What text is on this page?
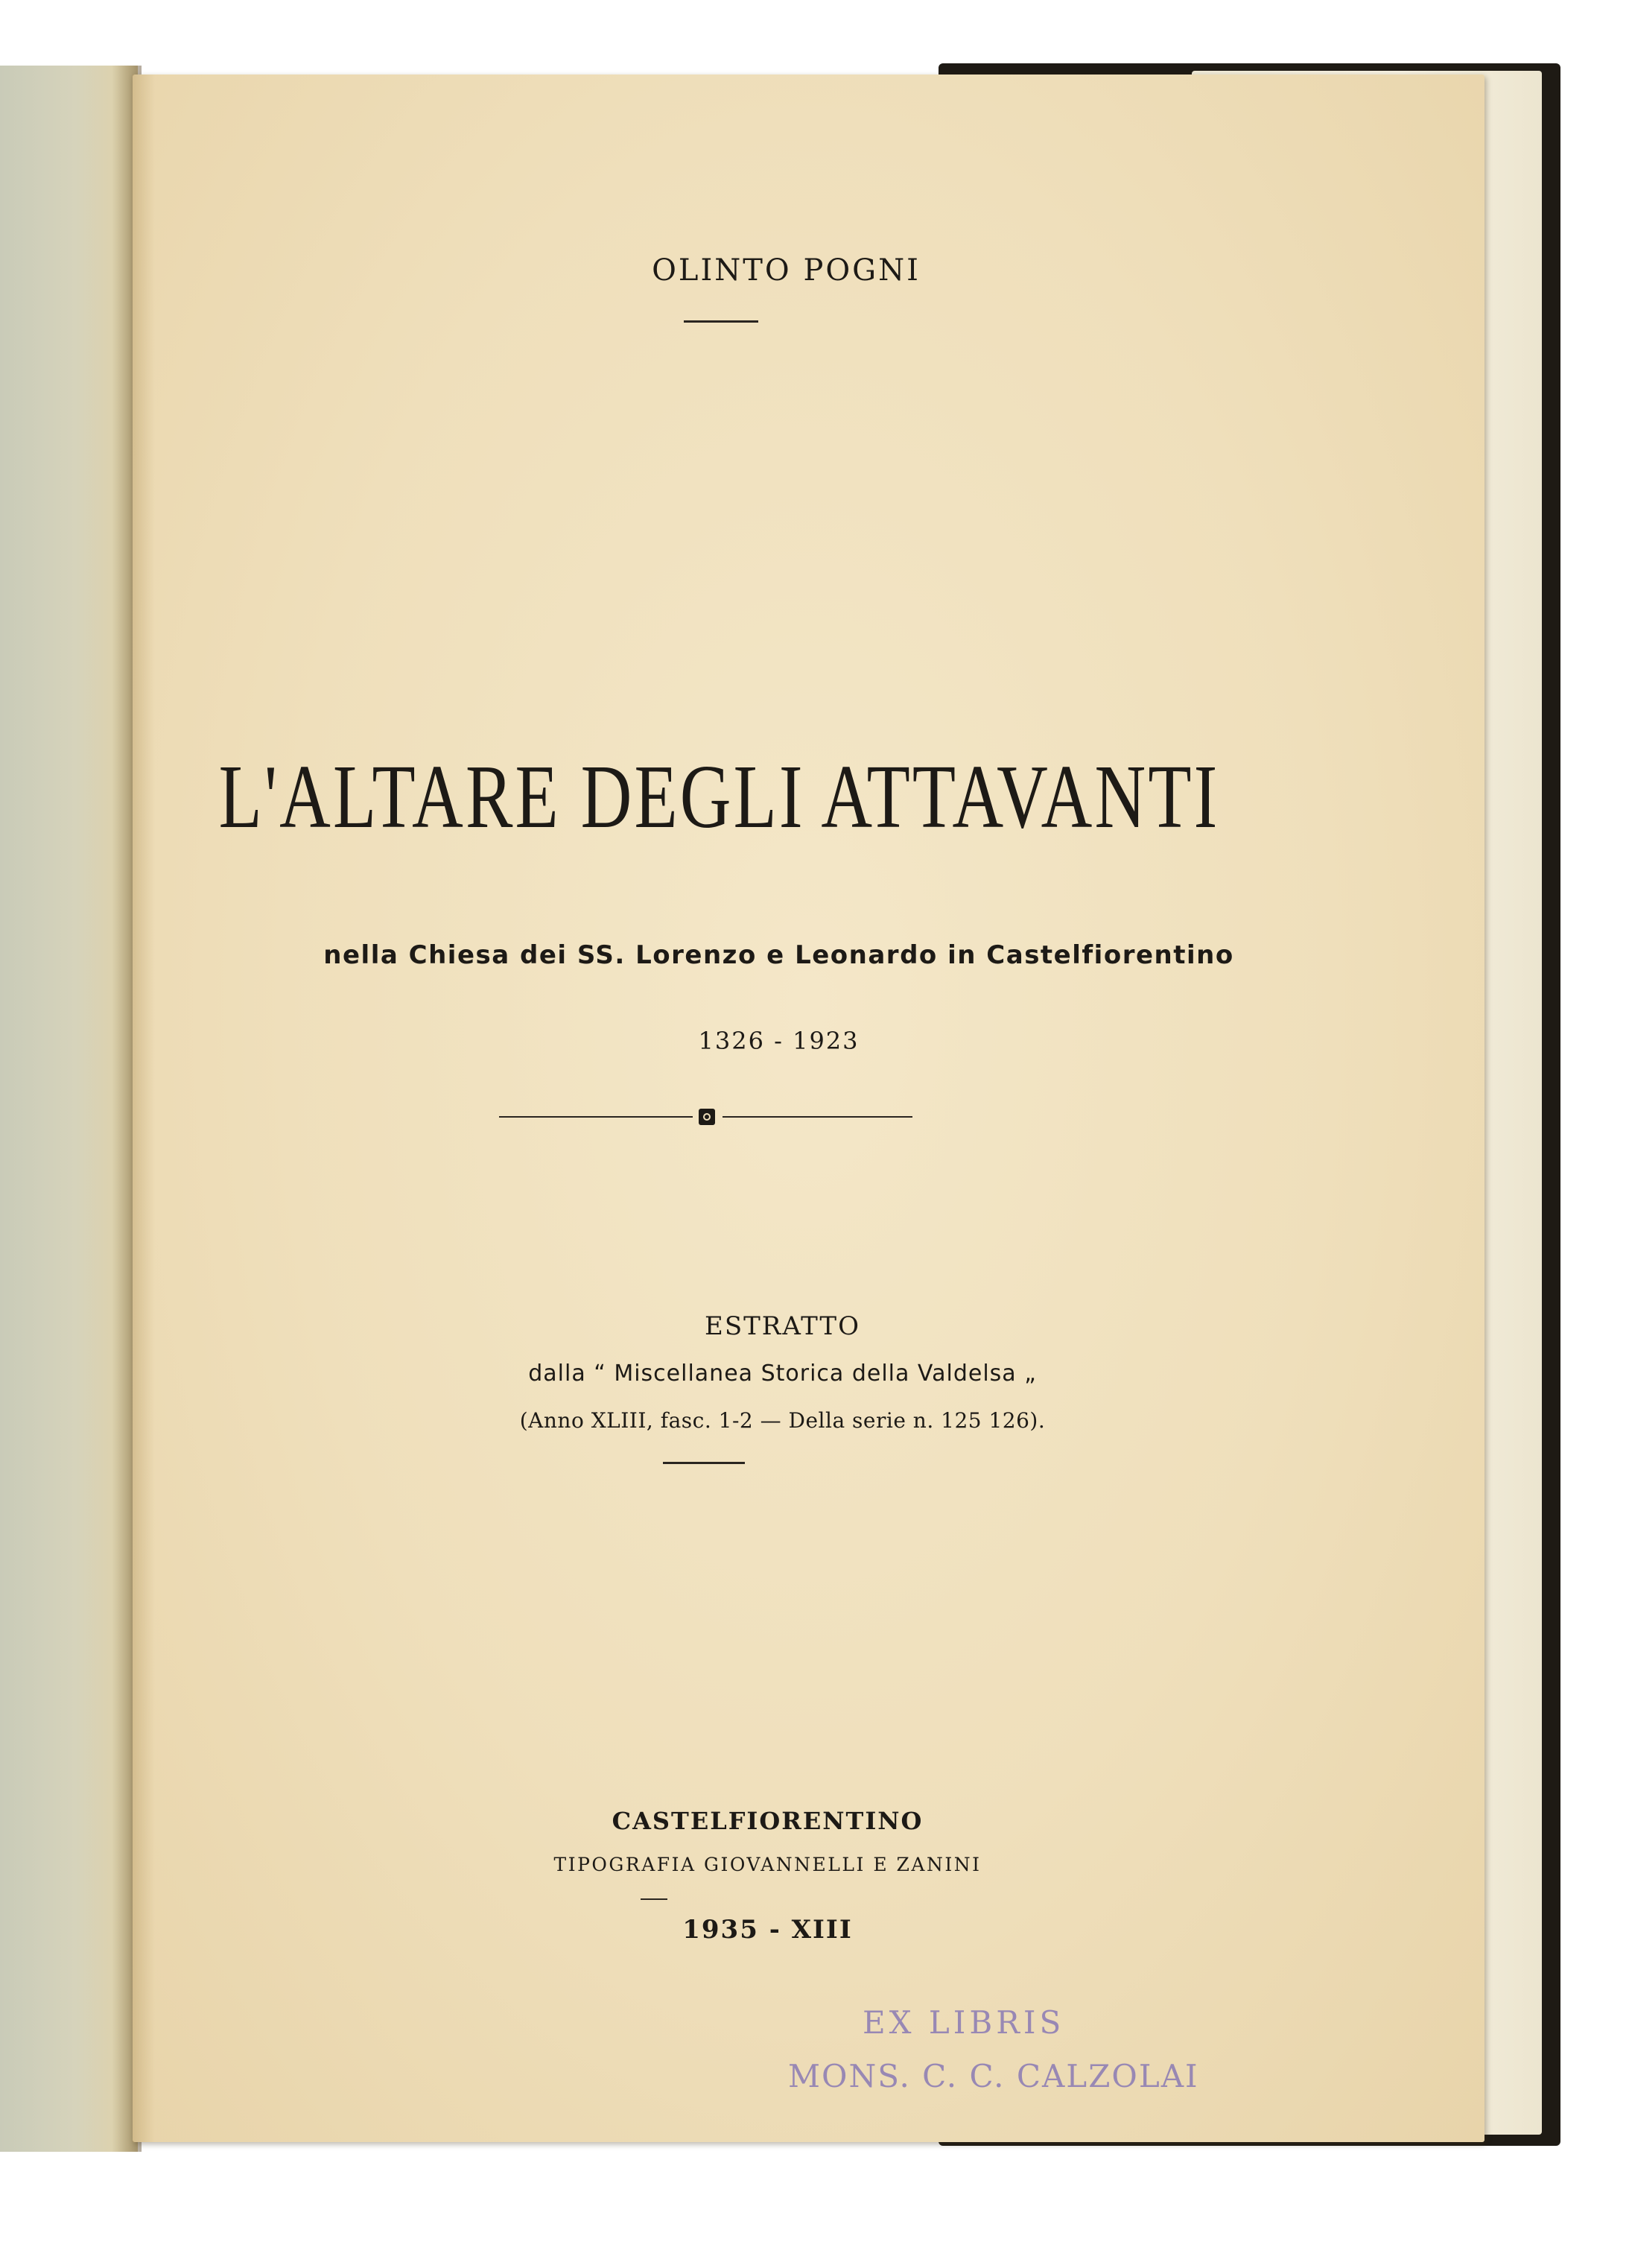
OLINTO POGNI
L'ALTARE DEGLI ATTAVANTI
nella Chiesa dei SS. Lorenzo e Leonardo in Castelfiorentino
1326 - 1923
ESTRATTO
dalla “ Miscellanea Storica della Valdelsa „
(Anno XLIII, fasc. 1-2 — Della serie n. 125 126).
CASTELFIORENTINO
TIPOGRAFIA GIOVANNELLI E ZANINI
1935 - XIII
EX LIBRIS
MONS. C. C. CALZOLAI
